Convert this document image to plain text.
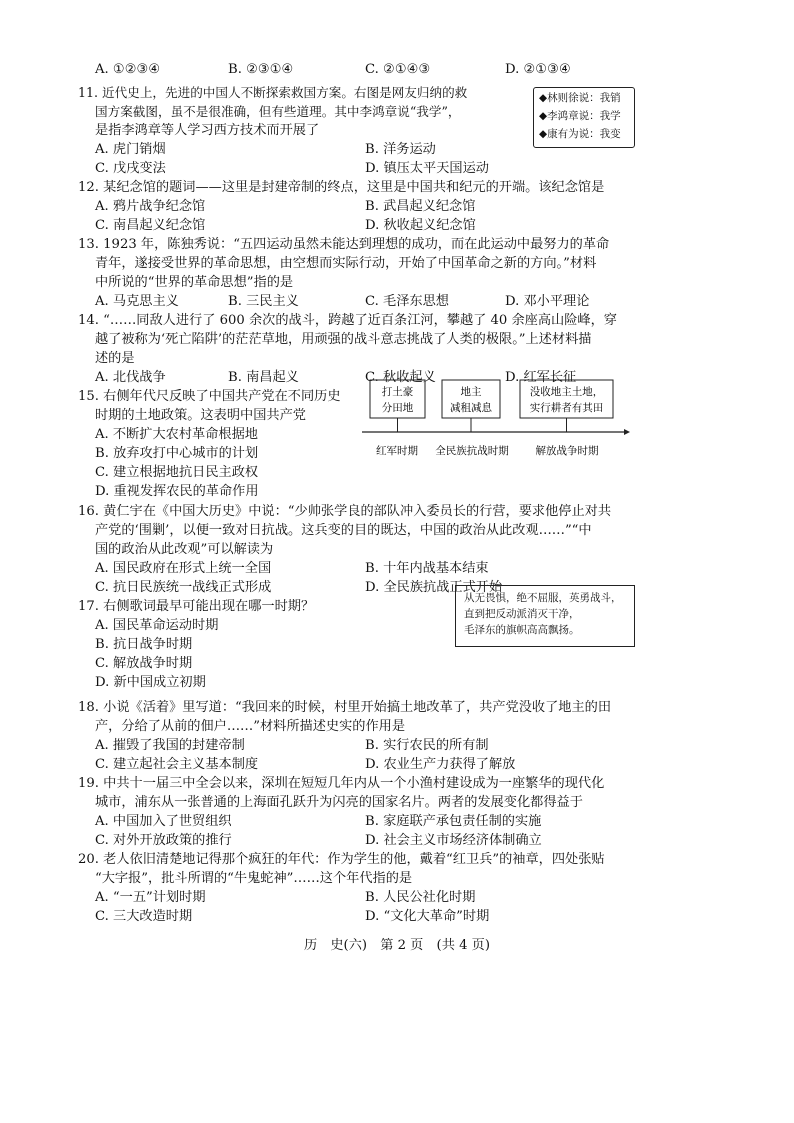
A. ①②③④	B. ②③①④	C. ②①④③	D. ②①③④
11. 近代史上，先进的中国人不断探索救国方案。右图是网友归纳的救
国方案截图，虽不是很准确，但有些道理。其中李鸿章说“我学”，
是指李鸿章等人学习西方技术而开展了
A. 虎门销烟	B. 洋务运动
C. 戊戌变法	D. 镇压太平天国运动

◆林则徐说：我销

◆李鸿章说：我学

◆康有为说：我变

12. 某纪念馆的题词——这里是封建帝制的终点，这里是中国共和纪元的开端。该纪念馆是
A. 鸦片战争纪念馆	B. 武昌起义纪念馆
C. 南昌起义纪念馆	D. 秋收起义纪念馆
13. 1923 年，陈独秀说：“五四运动虽然未能达到理想的成功，而在此运动中最努力的革命
青年，遂接受世界的革命思想，由空想而实际行动，开始了中国革命之新的方向。”材料
中所说的“世界的革命思想”指的是
A. 马克思主义	B. 三民主义	C. 毛泽东思想	D. 邓小平理论
14. “……同敌人进行了 600 余次的战斗，跨越了近百条江河，攀越了 40 余座高山险峰，穿
越了被称为‘死亡陷阱’的茫茫草地，用顽强的战斗意志挑战了人类的极限。”上述材料描
述的是
A. 北伐战争	B. 南昌起义	C. 秋收起义	D. 红军长征
15. 右侧年代尺反映了中国共产党在不同历史
时期的土地政策。这表明中国共产党
A. 不断扩大农村革命根据地
B. 放弃攻打中心城市的计划
C. 建立根据地抗日民主政权
D. 重视发挥农民的革命作用
打土豪
分田地
地主
减租减息
没收地主土地，
实行耕者有其田
红军时期 全民族抗战时期	解放战争时期
16. 黄仁宇在《中国大历史》中说：“少帅张学良的部队冲入委员长的行营，要求他停止对共
产党的‘围剿’，以便一致对日抗战。这兵变的目的既达，中国的政治从此改观……”“中
国的政治从此改观”可以解读为
A. 国民政府在形式上统一全国	B. 十年内战基本结束
C. 抗日民族统一战线正式形成	D. 全民族抗战正式开始
17. 右侧歌词最早可能出现在哪一时期？
A. 国民革命运动时期
B. 抗日战争时期
C. 解放战争时期
D. 新中国成立初期

从无畏惧，绝不屈服，英勇战斗，

直到把反动派消灭干净，

毛泽东的旗帜高高飘扬。

18. 小说《活着》里写道：“我回来的时候，村里开始搞土地改革了，共产党没收了地主的田
产，分给了从前的佃户……”材料所描述史实的作用是
A. 摧毁了我国的封建帝制	B. 实行农民的所有制
C. 建立起社会主义基本制度	D. 农业生产力获得了解放
19. 中共十一届三中全会以来，深圳在短短几年内从一个小渔村建设成为一座繁华的现代化
城市，浦东从一张普通的上海面孔跃升为闪亮的国家名片。两者的发展变化都得益于
A. 中国加入了世贸组织	B. 家庭联产承包责任制的实施
C. 对外开放政策的推行	D. 社会主义市场经济体制确立
20. 老人依旧清楚地记得那个疯狂的年代：作为学生的他，戴着“红卫兵”的袖章，四处张贴
“大字报”，批斗所谓的“牛鬼蛇神”……这个年代指的是
A. “一五”计划时期	B. 人民公社化时期
C. 三大改造时期	D. “文化大革命”时期
历　史(六)　第 2 页　(共 4 页)
